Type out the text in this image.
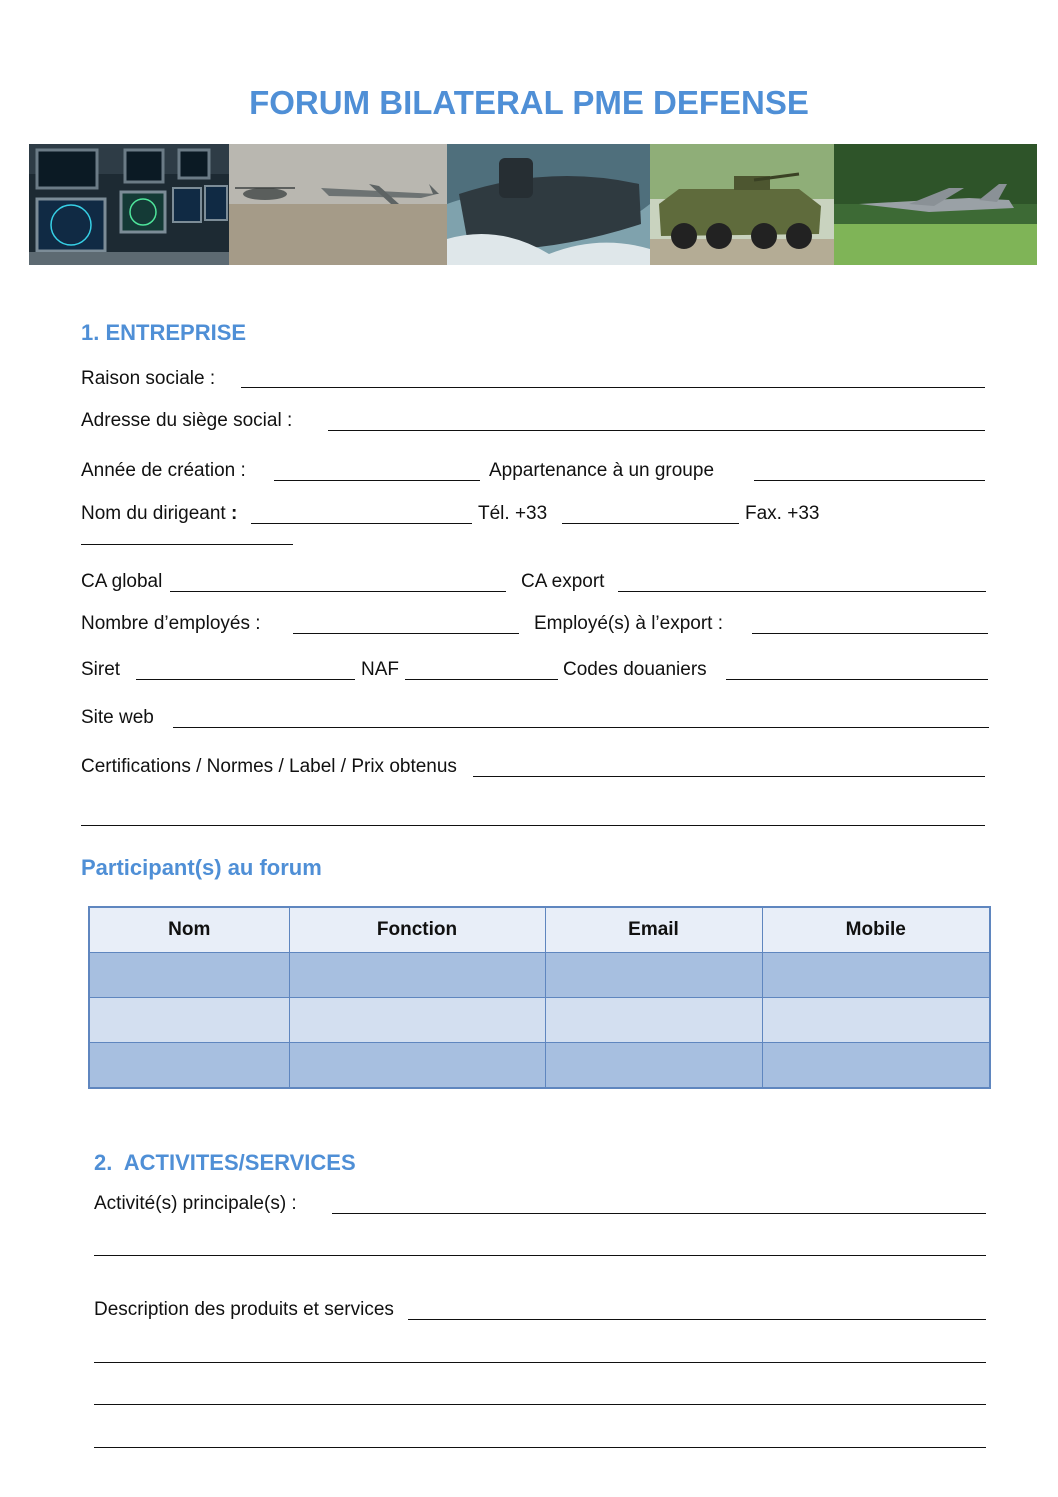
FORUM BILATERAL PME DEFENSE
1. ENTREPRISE
Raison sociale :
Adresse du siège social :
Année de création :	Appartenance à un groupe
Nom du dirigeant :	Tél. +33	Fax. +33
CA global	CA export
Nombre d’employés :	Employé(s) à l’export :
Siret	NAF	Codes douaniers
Site web
Certifications / Normes / Label / Prix obtenus
Participant(s) au forum
Nom	Fonction	Email	Mobile

2.  ACTIVITES/SERVICES
Activité(s) principale(s) :
Description des produits et services
